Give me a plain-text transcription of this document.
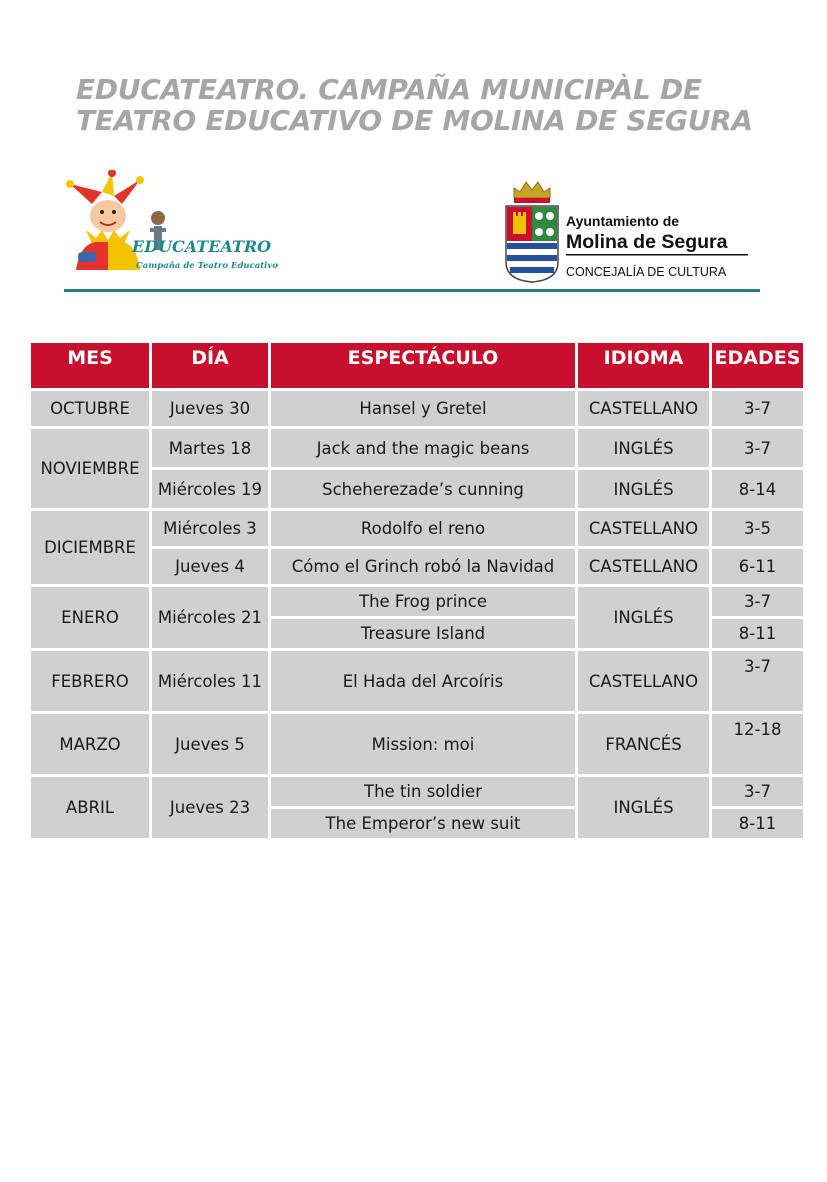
EDUCATEATRO. CAMPAÑA MUNICIPÀL DE
TEATRO EDUCATIVO DE MOLINA DE SEGURA
EDUCATEATRO
Campaña de Teatro Educativo
Ayuntamiento de
Molina de Segura
CONCEJALÍA DE CULTURA
MES	DÍA	ESPECTÁCULO	IDIOMA	EDADES
OCTUBRE	Jueves 30	Hansel y Gretel	CASTELLANO	3-7
NOVIEMBRE	Martes 18	Jack and the magic beans	INGLÉS	3-7
	Miércoles 19	Scheherezade’s cunning	INGLÉS	8-14
DICIEMBRE	Miércoles 3	Rodolfo el reno	CASTELLANO	3-5
	Jueves 4	Cómo el Grinch robó la Navidad	CASTELLANO	6-11
ENERO	Miércoles 21	The Frog prince	INGLÉS	3-7
		Treasure Island		8-11
FEBRERO	Miércoles 11	El Hada del Arcoíris	CASTELLANO	3-7
MARZO	Jueves 5	Mission: moi	FRANCÉS	12-18
ABRIL	Jueves 23	The tin soldier	INGLÉS	3-7
		The Emperor’s new suit		8-11
